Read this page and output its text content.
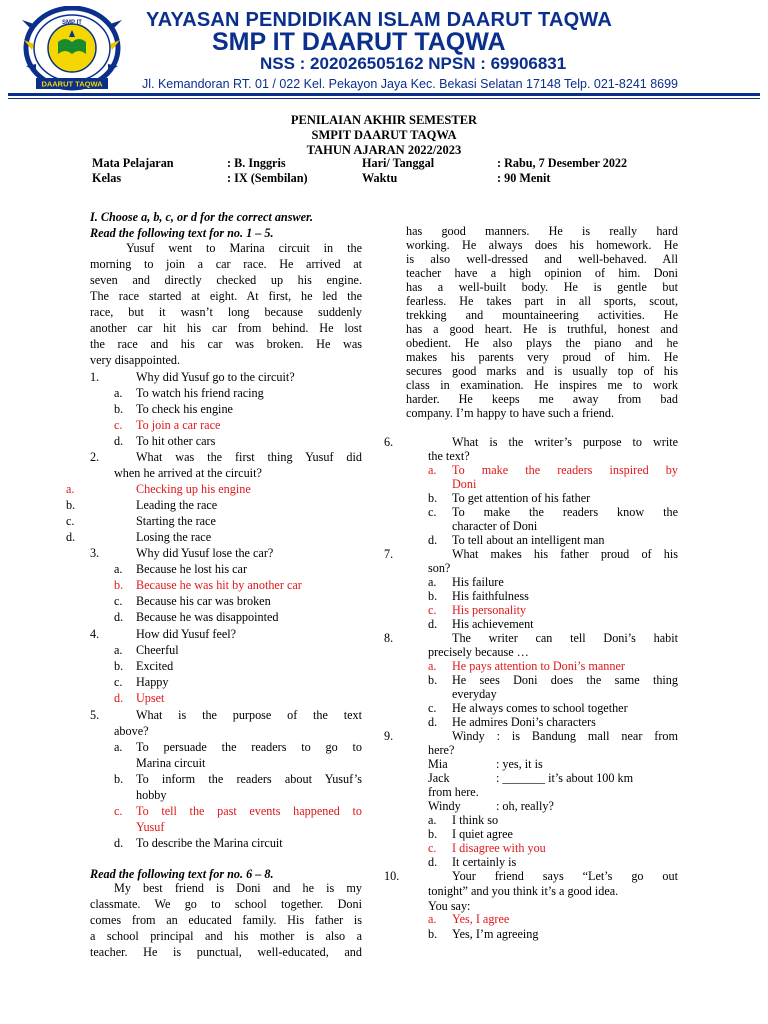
SMP IT
DAARUT TAQWA
YAYASAN PENDIDIKAN ISLAM DAARUT TAQWA
SMP IT DAARUT TAQWA
NSS : 202026505162 NPSN : 69906831
Jl. Kemandoran RT. 01 / 022 Kel. Pekayon Jaya Kec. Bekasi Selatan 17148 Telp. 021-8241 8699
PENILAIAN AKHIR SEMESTER
SMPIT DAARUT TAQWA
TAHUN AJARAN 2022/2023
Mata Pelajaran	: B. Inggris	Hari/ Tanggal	: Rabu, 7 Desember 2022
Kelas	: IX (Sembilan)	Waktu	: 90 Menit
I. Choose a, b, c, or d for the correct answer.
Read the following text for no. 1 – 5.
Yusuf went to Marina circuit in the
morning to join a car race. He arrived at
seven and directly checked up his engine.
The race started at eight. At first, he led the
race, but it wasn’t long because suddenly
another car hit his car from behind. He lost
the race and his car was broken. He was
very disappointed.
1.	Why did Yusuf go to the circuit?
a. To watch his friend racing
b. To check his engine
c. To join a car race
d. To hit other cars
2.	What was the first thing Yusuf did
when he arrived at the circuit?
a.	Checking up his engine
b.	Leading the race
c.	Starting the race
d.	Losing the race
3.	Why did Yusuf lose the car?
a. Because he lost his car
b. Because he was hit by another car
c. Because his car was broken
d. Because he was disappointed
4.	How did Yusuf feel?
a. Cheerful
b. Excited
c. Happy
d. Upset
5.	What is the purpose of the text
above?
a. To persuade the readers to go to
Marina circuit
b. To inform the readers about Yusuf’s
hobby
c. To tell the past events happened to
Yusuf
d. To describe the Marina circuit
Read the following text for no. 6 – 8.
My best friend is Doni and he is my
classmate. We go to school together. Doni
comes from an educated family. His father is
a school principal and his mother is also a
teacher. He is punctual, well-educated, and
has good manners. He is really hard
working. He always does his homework. He
is also well-dressed and well-behaved. All
teacher have a high opinion of him. Doni
has a well-built body. He is gentle but
fearless. He takes part in all sports, scout,
trekking and mountaineering activities. He
has a good heart. He is truthful, honest and
obedient. He also plays the piano and he
makes his parents very proud of him. He
secures good marks and is usually top of his
class in examination. He inspires me to work
harder. He keeps me away from bad
company. I’m happy to have such a friend.
6.	What is the writer’s purpose to write
the text?
a. To make the readers inspired by
Doni
b. To get attention of his father
c. To make the readers know the
character of Doni
d. To tell about an intelligent man
7.	What makes his father proud of his
son?
a. His failure
b. His faithfulness
c. His personality
d. His achievement
8.	The writer can tell Doni’s habit
precisely because …
a. He pays attention to Doni’s manner
b. He sees Doni does the same thing
everyday
c. He always comes to school together
d. He admires Doni’s characters
9.	Windy : is Bandung mall near from
here?
Mia	: yes, it is
Jack	: _______ it’s about 100 km
from here.
Windy	: oh, really?
a. I think so
b. I quiet agree
c. I disagree with you
d. It certainly is
10.	Your friend says “Let’s go out
tonight” and you think it’s a good idea.
You say:
a. Yes, I agree
b. Yes, I’m agreeing
